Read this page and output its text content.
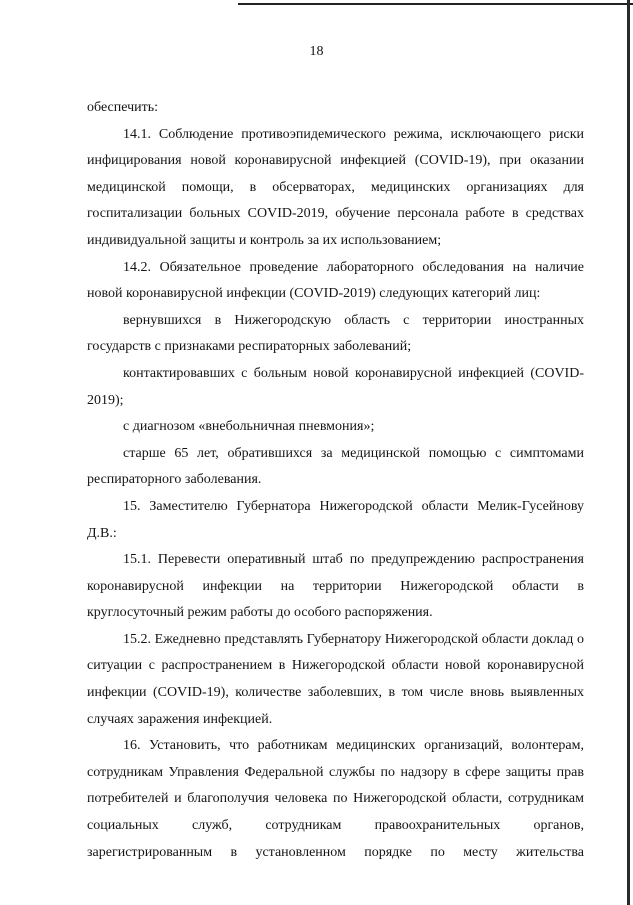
18

обеспечить:

14.1. Соблюдение противоэпидемического режима, исключающего риски инфицирования новой коронавирусной инфекцией (COVID-19), при оказании медицинской помощи, в обсерваторах, медицинских организациях для госпитализации больных COVID-2019, обучение персонала работе в средствах индивидуальной защиты и контроль за их использованием;

14.2. Обязательное проведение лабораторного обследования на наличие новой коронавирусной инфекции (COVID-2019) следующих категорий лиц:

вернувшихся в Нижегородскую область с территории иностранных государств с признаками респираторных заболеваний;

контактировавших с больным новой коронавирусной инфекцией (COVID-2019);

с диагнозом «внебольничная пневмония»;

старше 65 лет, обратившихся за медицинской помощью с симптомами респираторного заболевания.

15. Заместителю Губернатора Нижегородской области Мелик-Гусейнову Д.В.:

15.1. Перевести оперативный штаб по предупреждению распространения коронавирусной инфекции на территории Нижегородской области в круглосуточный режим работы до особого распоряжения.

15.2. Ежедневно представлять Губернатору Нижегородской области доклад о ситуации с распространением в Нижегородской области новой коронавирусной инфекции (COVID-19), количестве заболевших, в том числе вновь выявленных случаях заражения инфекцией.

16. Установить, что работникам медицинских организаций, волонтерам, сотрудникам Управления Федеральной службы по надзору в сфере защиты прав потребителей и благополучия человека по Нижегородской области, сотрудникам социальных служб, сотрудникам правоохранительных органов, зарегистрированным в установленном порядке по месту жительства
